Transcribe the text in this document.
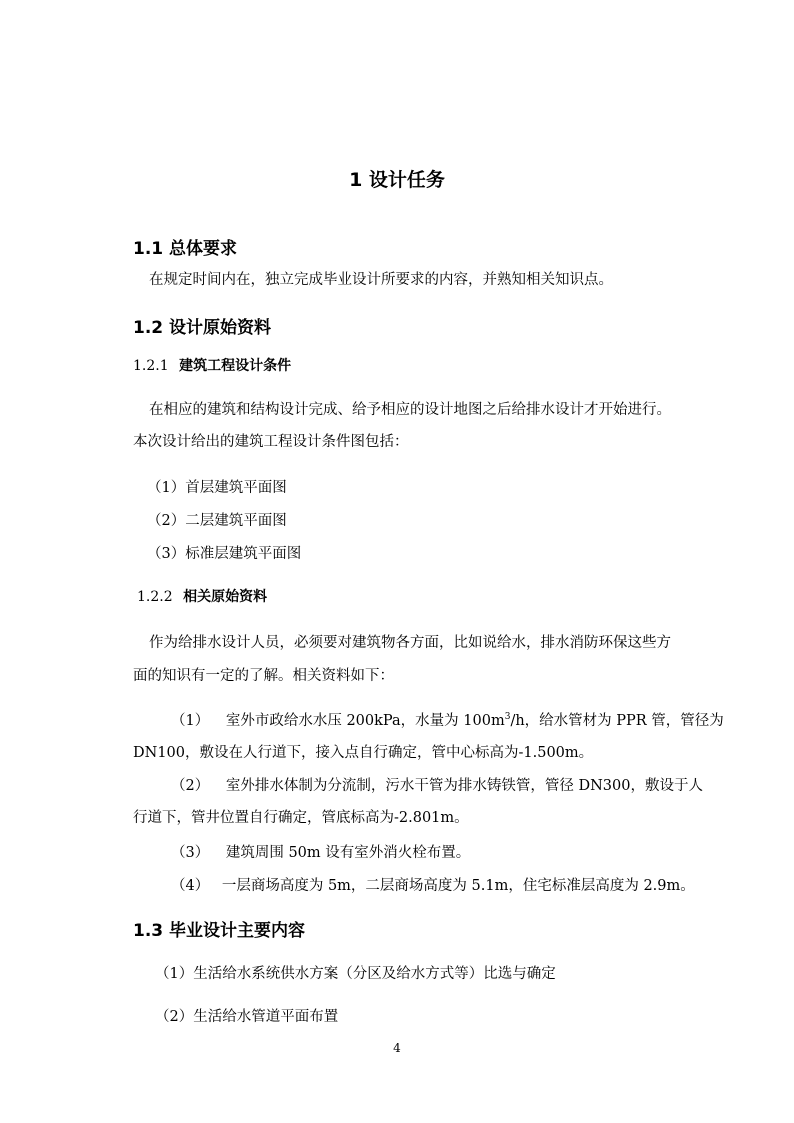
1 设计任务
1.1 总体要求
在规定时间内在，独立完成毕业设计所要求的内容，并熟知相关知识点。
1.2 设计原始资料
1.2.1 建筑工程设计条件
在相应的建筑和结构设计完成、给予相应的设计地图之后给排水设计才开始进行。
本次设计给出的建筑工程设计条件图包括：
（1）首层建筑平面图
（2）二层建筑平面图
（3）标准层建筑平面图
1.2.2 相关原始资料
作为给排水设计人员，必须要对建筑物各方面，比如说给水，排水消防环保这些方
面的知识有一定的了解。相关资料如下：
（1） 室外市政给水水压 200kPa，水量为 $100m^3/h$，给水管材为 PPR 管，管径为
DN100，敷设在人行道下，接入点自行确定，管中心标高为-1.500m。
（2） 室外排水体制为分流制，污水干管为排水铸铁管，管径 DN300，敷设于人
行道下，管井位置自行确定，管底标高为-2.801m。
（3） 建筑周围 50m 设有室外消火栓布置。
（4） 一层商场高度为 5m，二层商场高度为 5.1m，住宅标准层高度为 2.9m。
1.3 毕业设计主要内容
（1）生活给水系统供水方案（分区及给水方式等）比选与确定
（2）生活给水管道平面布置
4
